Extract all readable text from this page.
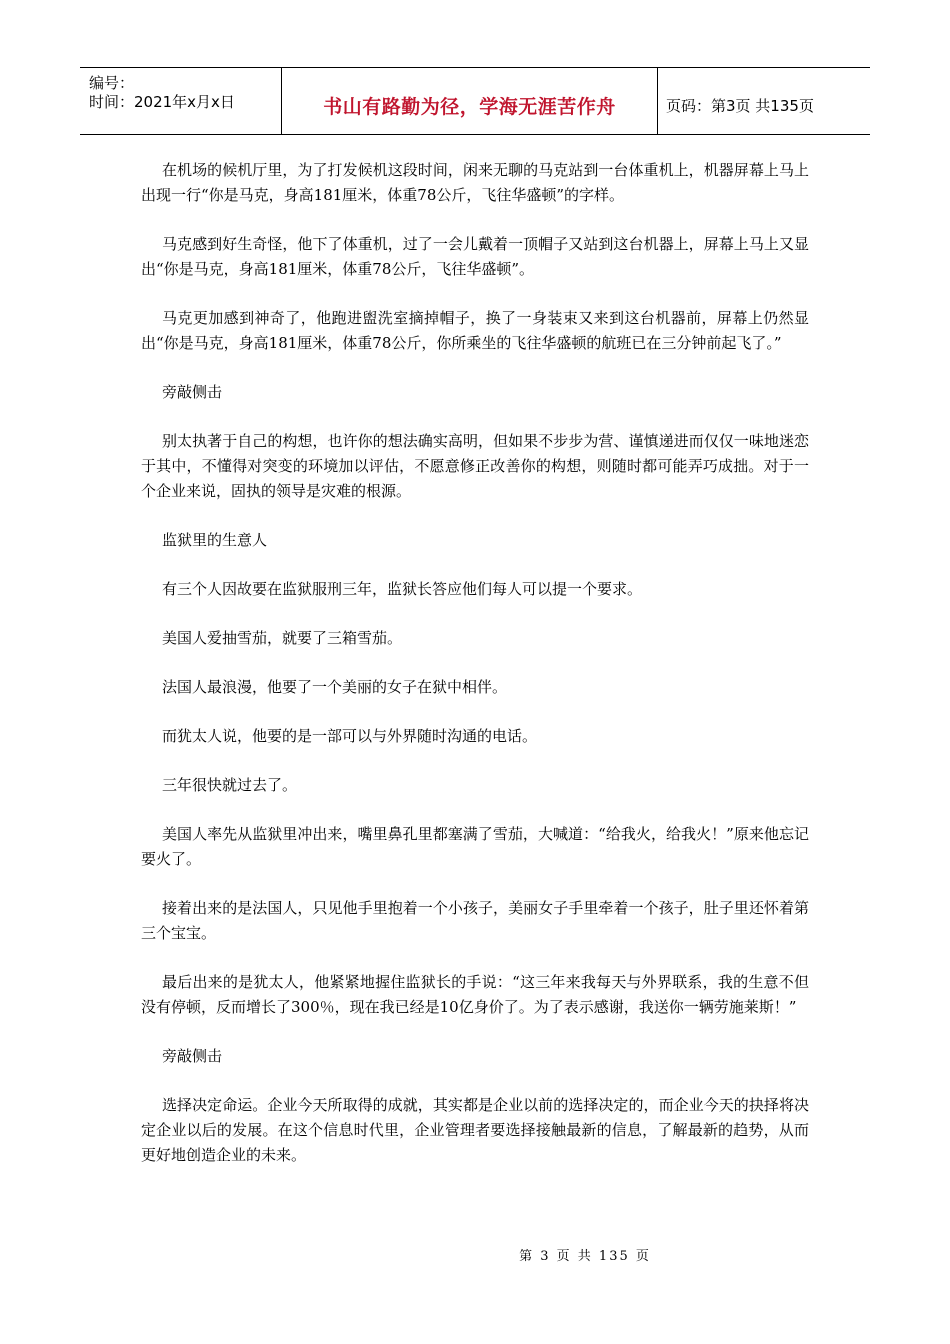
编号：
时间：2021年x月x日	书山有路勤为径，学海无涯苦作舟	页码：第3页 共135页

在机场的候机厅里，为了打发候机这段时间，闲来无聊的马克站到一台体重机上，机器屏幕上马上出现一行“你是马克，身高181厘米，体重78公斤，飞往华盛顿”的字样。

马克感到好生奇怪，他下了体重机，过了一会儿戴着一顶帽子又站到这台机器上，屏幕上马上又显出“你是马克，身高181厘米，体重78公斤，飞往华盛顿”。

马克更加感到神奇了，他跑进盥洗室摘掉帽子，换了一身装束又来到这台机器前，屏幕上仍然显出“你是马克，身高181厘米，体重78公斤，你所乘坐的飞往华盛顿的航班已在三分钟前起飞了。”

旁敲侧击

别太执著于自己的构想，也许你的想法确实高明，但如果不步步为营、谨慎递进而仅仅一味地迷恋于其中，不懂得对突变的环境加以评估，不愿意修正改善你的构想，则随时都可能弄巧成拙。对于一个企业来说，固执的领导是灾难的根源。

监狱里的生意人

有三个人因故要在监狱服刑三年，监狱长答应他们每人可以提一个要求。

美国人爱抽雪茄，就要了三箱雪茄。

法国人最浪漫，他要了一个美丽的女子在狱中相伴。

而犹太人说，他要的是一部可以与外界随时沟通的电话。

三年很快就过去了。

美国人率先从监狱里冲出来，嘴里鼻孔里都塞满了雪茄，大喊道：“给我火，给我火！”原来他忘记要火了。

接着出来的是法国人，只见他手里抱着一个小孩子，美丽女子手里牵着一个孩子，肚子里还怀着第三个宝宝。

最后出来的是犹太人，他紧紧地握住监狱长的手说：“这三年来我每天与外界联系，我的生意不但没有停顿，反而增长了300％，现在我已经是10亿身价了。为了表示感谢，我送你一辆劳施莱斯！”

旁敲侧击

选择决定命运。企业今天所取得的成就，其实都是企业以前的选择决定的，而企业今天的抉择将决定企业以后的发展。在这个信息时代里，企业管理者要选择接触最新的信息，了解最新的趋势，从而更好地创造企业的未来。

第 3 页 共 135 页
